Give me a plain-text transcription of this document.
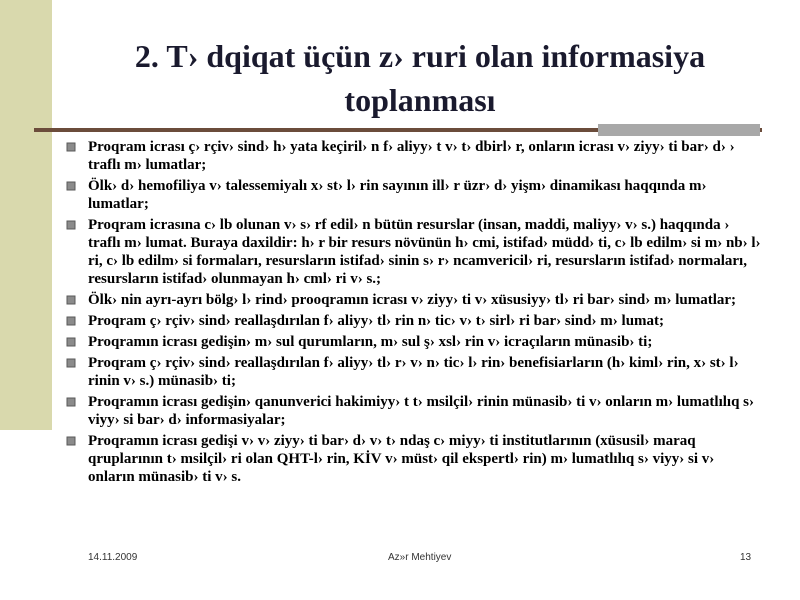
2. T› dqiqat üçün z› ruri olan informasiya
toplanması
Proqram icrası ç› rçiv› sind› h› yata keçiril› n f› aliyy› t v› t› dbirl› r, onların icrası v› ziyy› ti bar› d› › traflı m› lumatlar;
Ölk› d› hemofiliya v› talessemiyalı x› st› l› rin sayının ill› r üzr› d› yişm› dinamikası haqqında m› lumatlar;
Proqram icrasına c› lb olunan v› s› rf edil› n bütün resurslar (insan, maddi, maliyy› v› s.) haqqında › traflı m› lumat. Buraya daxildir: h› r bir resurs növünün h› cmi, istifad› müdd› ti, c› lb edilm› si m› nb› l› ri, c› lb edilm› si formaları, resursların istifad› sinin s› r› ncamvericil› ri, resursların istifad› normaları, resursların istifad› olunmayan h› cml› ri v› s.;
Ölk› nin ayrı-ayrı bölg› l› rind› prooqramın icrası v› ziyy› ti v› xüsusiyy› tl› ri bar› sind› m› lumatlar;
Proqram ç› rçiv› sind› reallaşdırılan f› aliyy› tl› rin n› tic› v› t› sirl› ri bar› sind› m› lumat;
Proqramın icrası gedişin› m› sul qurumların, m› sul ş› xsl› rin v› icraçıların münasib› ti;
Proqram ç› rçiv› sind› reallaşdırılan f› aliyy› tl› r› v› n› tic› l› rin› benefisiarların (h› kiml› rin, x› st› l› rinin v› s.) münasib› ti;
Proqramın icrası gedişin› qanunverici hakimiyy› t t› msilçil› rinin münasib› ti v› onların m› lumatlılıq s› viyy› si bar› d› informasiyalar;
Proqramın icrası gedişi v› v› ziyy› ti bar› d› v› t› ndaş c› miyy› ti institutlarının (xüsusil› maraq qruplarının t› msilçil› ri olan QHT-l› rin, KİV v› müst› qil ekspertl› rin) m› lumatlılıq s› viyy› si v› onların münasib› ti v› s.
14.11.2009	Az»r Mehtiyev	13
